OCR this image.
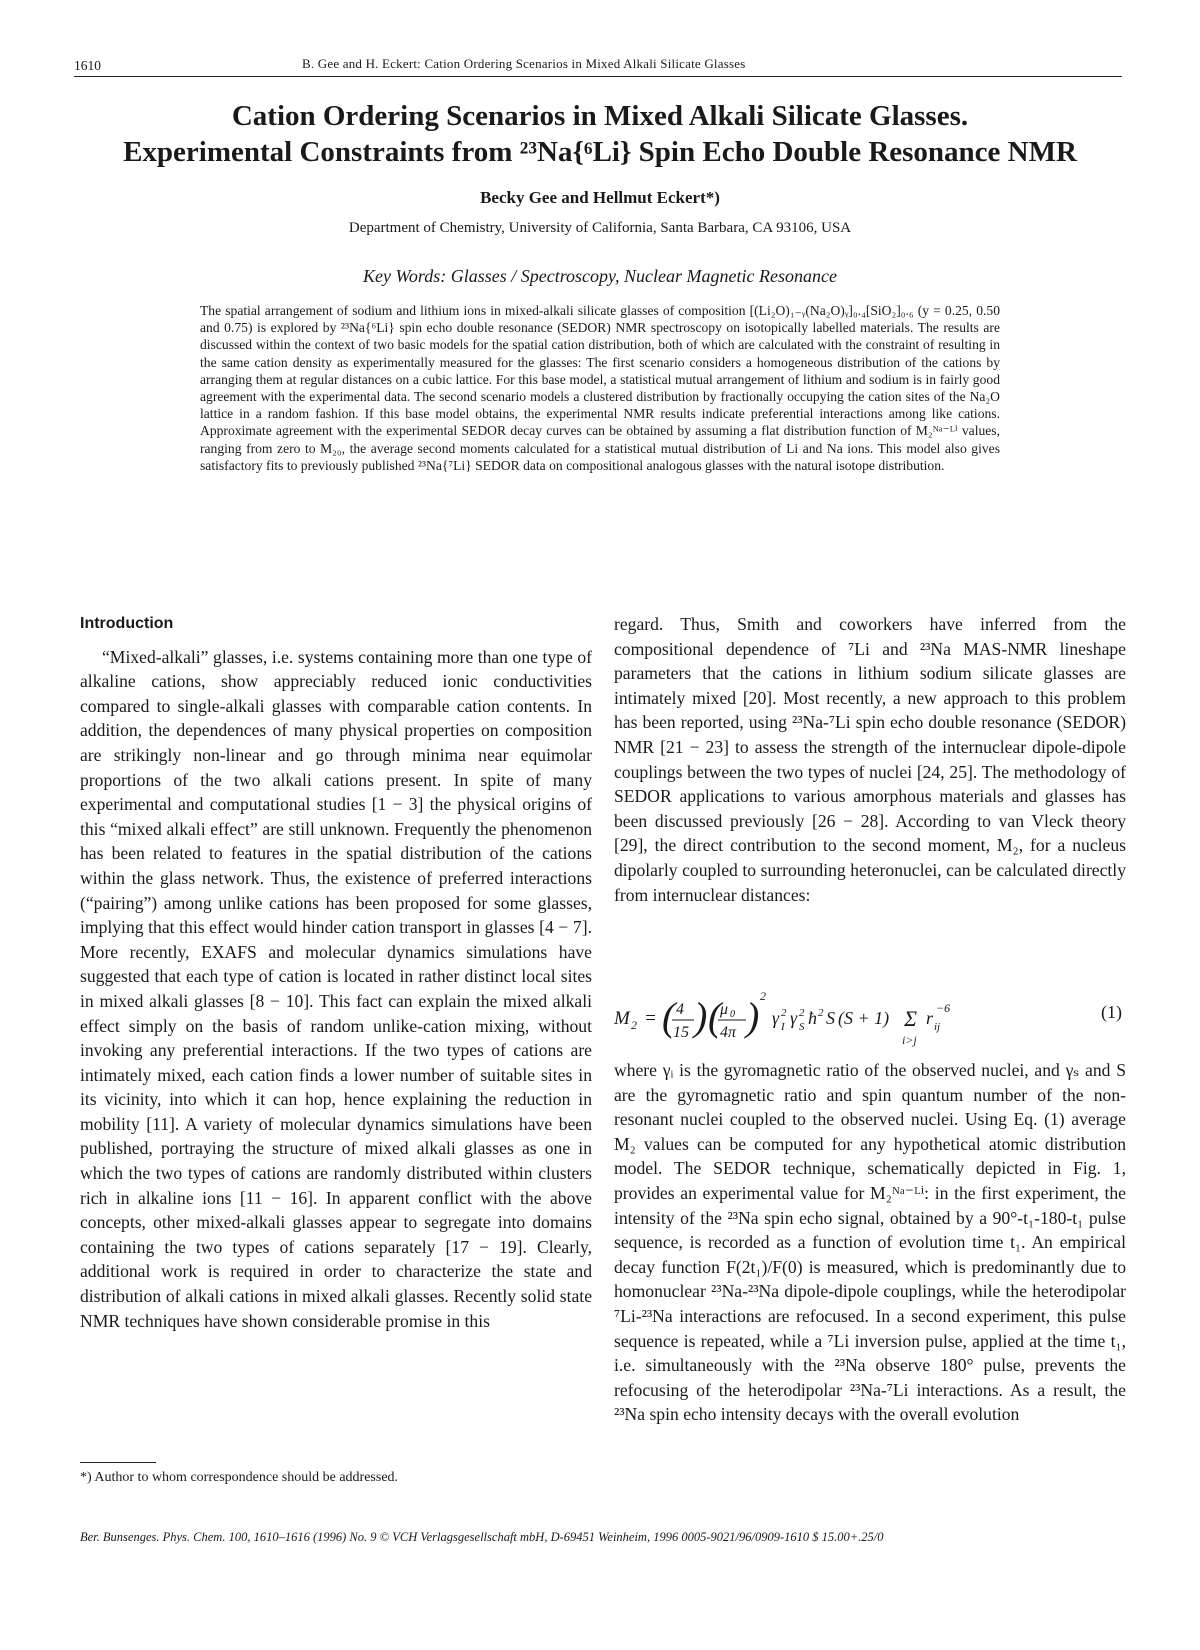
1610	B. Gee and H. Eckert: Cation Ordering Scenarios in Mixed Alkali Silicate Glasses
Cation Ordering Scenarios in Mixed Alkali Silicate Glasses.
Experimental Constraints from ²³Na{⁶Li} Spin Echo Double Resonance NMR
Becky Gee and Hellmut Eckert*)
Department of Chemistry, University of California, Santa Barbara, CA 93106, USA
Key Words: Glasses / Spectroscopy, Nuclear Magnetic Resonance

The spatial arrangement of sodium and lithium ions in mixed-alkali silicate glasses of composition [(Li₂O)₁₋ᵧ(Na₂O)ᵧ]₀.₄[SiO₂]₀.₆ (y = 0.25, 0.50 and 0.75) is explored by ²³Na{⁶Li} spin echo double resonance (SEDOR) NMR spectroscopy on isotopically labelled materials. The results are discussed within the context of two basic models for the spatial cation distribution, both of which are calculated with the constraint of resulting in the same cation density as experimentally measured for the glasses: The first scenario considers a homogeneous distribution of the cations by arranging them at regular distances on a cubic lattice. For this base model, a statistical mutual arrangement of lithium and sodium is in fairly good agreement with the experimental data. The second scenario models a clustered distribution by fractionally occupying the cation sites of the Na₂O lattice in a random fashion. If this base model obtains, the experimental NMR results indicate preferential interactions among like cations. Approximate agreement with the experimental SEDOR decay curves can be obtained by assuming a flat distribution function of M₂ᴺᵃ⁻ᴸⁱ values, ranging from zero to M₂₀, the average second moments calculated for a statistical mutual distribution of Li and Na ions. This model also gives satisfactory fits to previously published ²³Na{⁷Li} SEDOR data on compositional analogous glasses with the natural isotope distribution.

Introduction

“Mixed-alkali” glasses, i.e. systems containing more than one type of alkaline cations, show appreciably reduced ionic conductivities compared to single-alkali glasses with comparable cation contents. In addition, the dependences of many physical properties on composition are strikingly non-linear and go through minima near equimolar proportions of the two alkali cations present. In spite of many experimental and computational studies [1 − 3] the physical origins of this “mixed alkali effect” are still unknown. Frequently the phenomenon has been related to features in the spatial distribution of the cations within the glass network. Thus, the existence of preferred interactions (“pairing”) among unlike cations has been proposed for some glasses, implying that this effect would hinder cation transport in glasses [4 − 7]. More recently, EXAFS and molecular dynamics simulations have suggested that each type of cation is located in rather distinct local sites in mixed alkali glasses [8 − 10]. This fact can explain the mixed alkali effect simply on the basis of random unlike-cation mixing, without invoking any preferential interactions. If the two types of cations are intimately mixed, each cation finds a lower number of suitable sites in its vicinity, into which it can hop, hence explaining the reduction in mobility [11]. A variety of molecular dynamics simulations have been published, portraying the structure of mixed alkali glasses as one in which the two types of cations are randomly distributed within clusters rich in alkaline ions [11 − 16]. In apparent conflict with the above concepts, other mixed-alkali glasses appear to segregate into domains containing the two types of cations separately [17 − 19]. Clearly, additional work is required in order to characterize the state and distribution of alkali cations in mixed alkali glasses. Recently solid state NMR techniques have shown considerable promise in this

regard. Thus, Smith and coworkers have inferred from the compositional dependence of ⁷Li and ²³Na MAS-NMR lineshape parameters that the cations in lithium sodium silicate glasses are intimately mixed [20]. Most recently, a new approach to this problem has been reported, using ²³Na-⁷Li spin echo double resonance (SEDOR) NMR [21 − 23] to assess the strength of the internuclear dipole-dipole couplings between the two types of nuclei [24, 25]. The methodology of SEDOR applications to various amorphous materials and glasses has been discussed previously [26 − 28]. According to van Vleck theory [29], the direct contribution to the second moment, M₂, for a nucleus dipolarly coupled to surrounding heteronuclei, can be calculated directly from internuclear distances:

M 2 = ( 4
15 ) (
μ 0
4π ) 2
γ 2
I γ 2
S ħ 2 S (S + 1) Σ
i>j
r ij
−6	(1)

where γᵢ is the gyromagnetic ratio of the observed nuclei, and γₛ and S are the gyromagnetic ratio and spin quantum number of the non-resonant nuclei coupled to the observed nuclei. Using Eq. (1) average M₂ values can be computed for any hypothetical atomic distribution model. The SEDOR technique, schematically depicted in Fig. 1, provides an experimental value for M₂ᴺᵃ⁻ᴸⁱ: in the first experiment, the intensity of the ²³Na spin echo signal, obtained by a 90°-t₁-180-t₁ pulse sequence, is recorded as a function of evolution time t₁. An empirical decay function F(2t₁)/F(0) is measured, which is predominantly due to homonuclear ²³Na-²³Na dipole-dipole couplings, while the heterodipolar ⁷Li-²³Na interactions are refocused. In a second experiment, this pulse sequence is repeated, while a ⁷Li inversion pulse, applied at the time t₁, i.e. simultaneously with the ²³Na observe 180° pulse, prevents the refocusing of the heterodipolar ²³Na-⁷Li interactions. As a result, the ²³Na spin echo intensity decays with the overall evolution

*) Author to whom correspondence should be addressed.
Ber. Bunsenges. Phys. Chem. 100, 1610–1616 (1996) No. 9 © VCH Verlagsgesellschaft mbH, D-69451 Weinheim, 1996 0005-9021/96/0909-1610 $ 15.00+.25/0
